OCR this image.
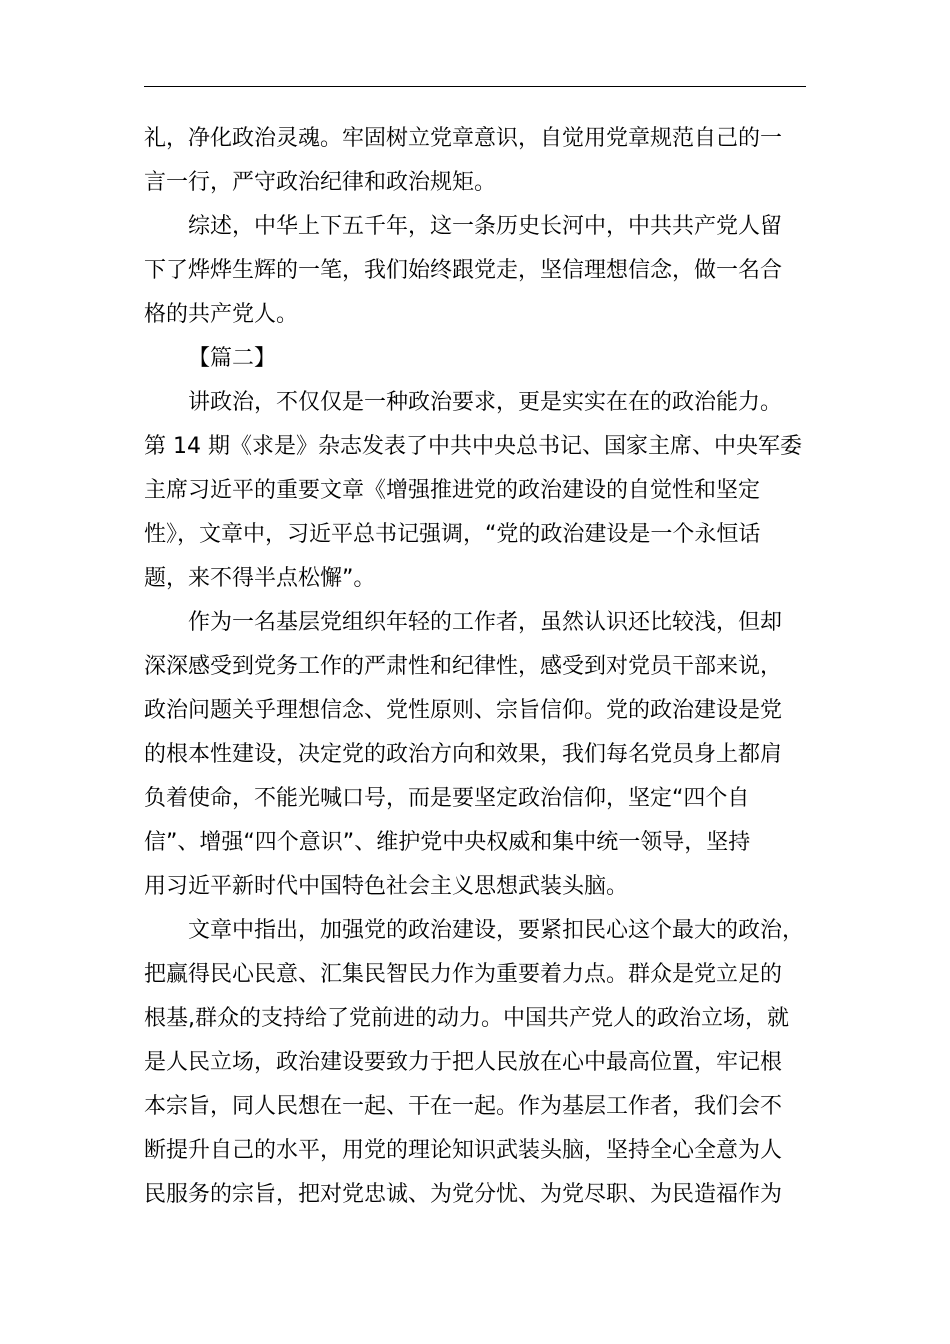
礼，净化政治灵魂。牢固树立党章意识，自觉用党章规范自己的一
言一行，严守政治纪律和政治规矩。
综述，中华上下五千年，这一条历史长河中，中共共产党人留
下了烨烨生辉的一笔，我们始终跟党走，坚信理想信念，做一名合
格的共产党人。
【篇二】
讲政治，不仅仅是一种政治要求，更是实实在在的政治能力。
第 14 期《求是》杂志发表了中共中央总书记、国家主席、中央军委
主席习近平的重要文章《增强推进党的政治建设的自觉性和坚定
性》，文章中，习近平总书记强调，“党的政治建设是一个永恒话
题，来不得半点松懈”。
作为一名基层党组织年轻的工作者，虽然认识还比较浅，但却
深深感受到党务工作的严肃性和纪律性，感受到对党员干部来说，
政治问题关乎理想信念、党性原则、宗旨信仰。党的政治建设是党
的根本性建设，决定党的政治方向和效果，我们每名党员身上都肩
负着使命，不能光喊口号，而是要坚定政治信仰，坚定“四个自
信”、增强“四个意识”、维护党中央权威和集中统一领导，坚持
用习近平新时代中国特色社会主义思想武装头脑。
文章中指出，加强党的政治建设，要紧扣民心这个最大的政治，
把赢得民心民意、汇集民智民力作为重要着力点。群众是党立足的
根基,群众的支持给了党前进的动力。中国共产党人的政治立场，就
是人民立场，政治建设要致力于把人民放在心中最高位置，牢记根
本宗旨，同人民想在一起、干在一起。作为基层工作者，我们会不
断提升自己的水平，用党的理论知识武装头脑，坚持全心全意为人
民服务的宗旨，把对党忠诚、为党分忧、为党尽职、为民造福作为
